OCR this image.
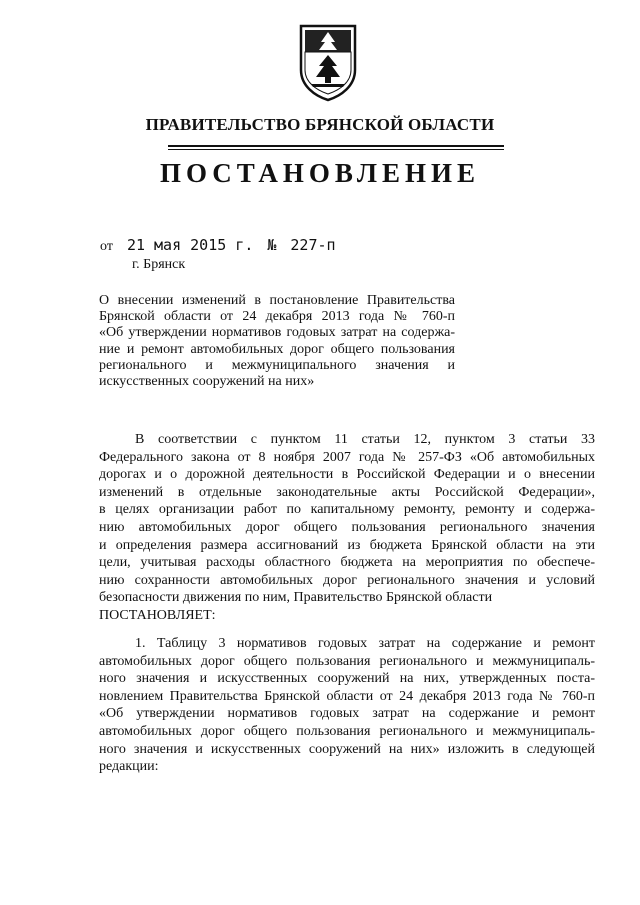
ПРАВИТЕЛЬСТВО БРЯНСКОЙ ОБЛАСТИ
ПОСТАНОВЛЕНИЕ
от 21 мая 2015 г. № 227-п
г. Брянск
О внесении изменений в постановление Правительства
Брянской области от 24 декабря 2013 года № 760-п
«Об утверждении нормативов годовых затрат на содержа-
ние и ремонт автомобильных дорог общего пользования
регионального и межмуниципального значения и
искусственных сооружений на них»
В соответствии с пунктом 11 статьи 12, пунктом 3 статьи 33
Федерального закона от 8 ноября 2007 года № 257-ФЗ «Об автомобильных
дорогах и о дорожной деятельности в Российской Федерации и о внесении
изменений в отдельные законодательные акты Российской Федерации»,
в целях организации работ по капитальному ремонту, ремонту и содержа-
нию автомобильных дорог общего пользования регионального значения
и определения размера ассигнований из бюджета Брянской области на эти
цели, учитывая расходы областного бюджета на мероприятия по обеспече-
нию сохранности автомобильных дорог регионального значения и условий
безопасности движения по ним, Правительство Брянской области
ПОСТАНОВЛЯЕТ:
1. Таблицу 3 нормативов годовых затрат на содержание и ремонт
автомобильных дорог общего пользования регионального и межмуниципаль-
ного значения и искусственных сооружений на них, утвержденных поста-
новлением Правительства Брянской области от 24 декабря 2013 года № 760-п
«Об утверждении нормативов годовых затрат на содержание и ремонт
автомобильных дорог общего пользования регионального и межмуниципаль-
ного значения и искусственных сооружений на них» изложить в следующей
редакции:
